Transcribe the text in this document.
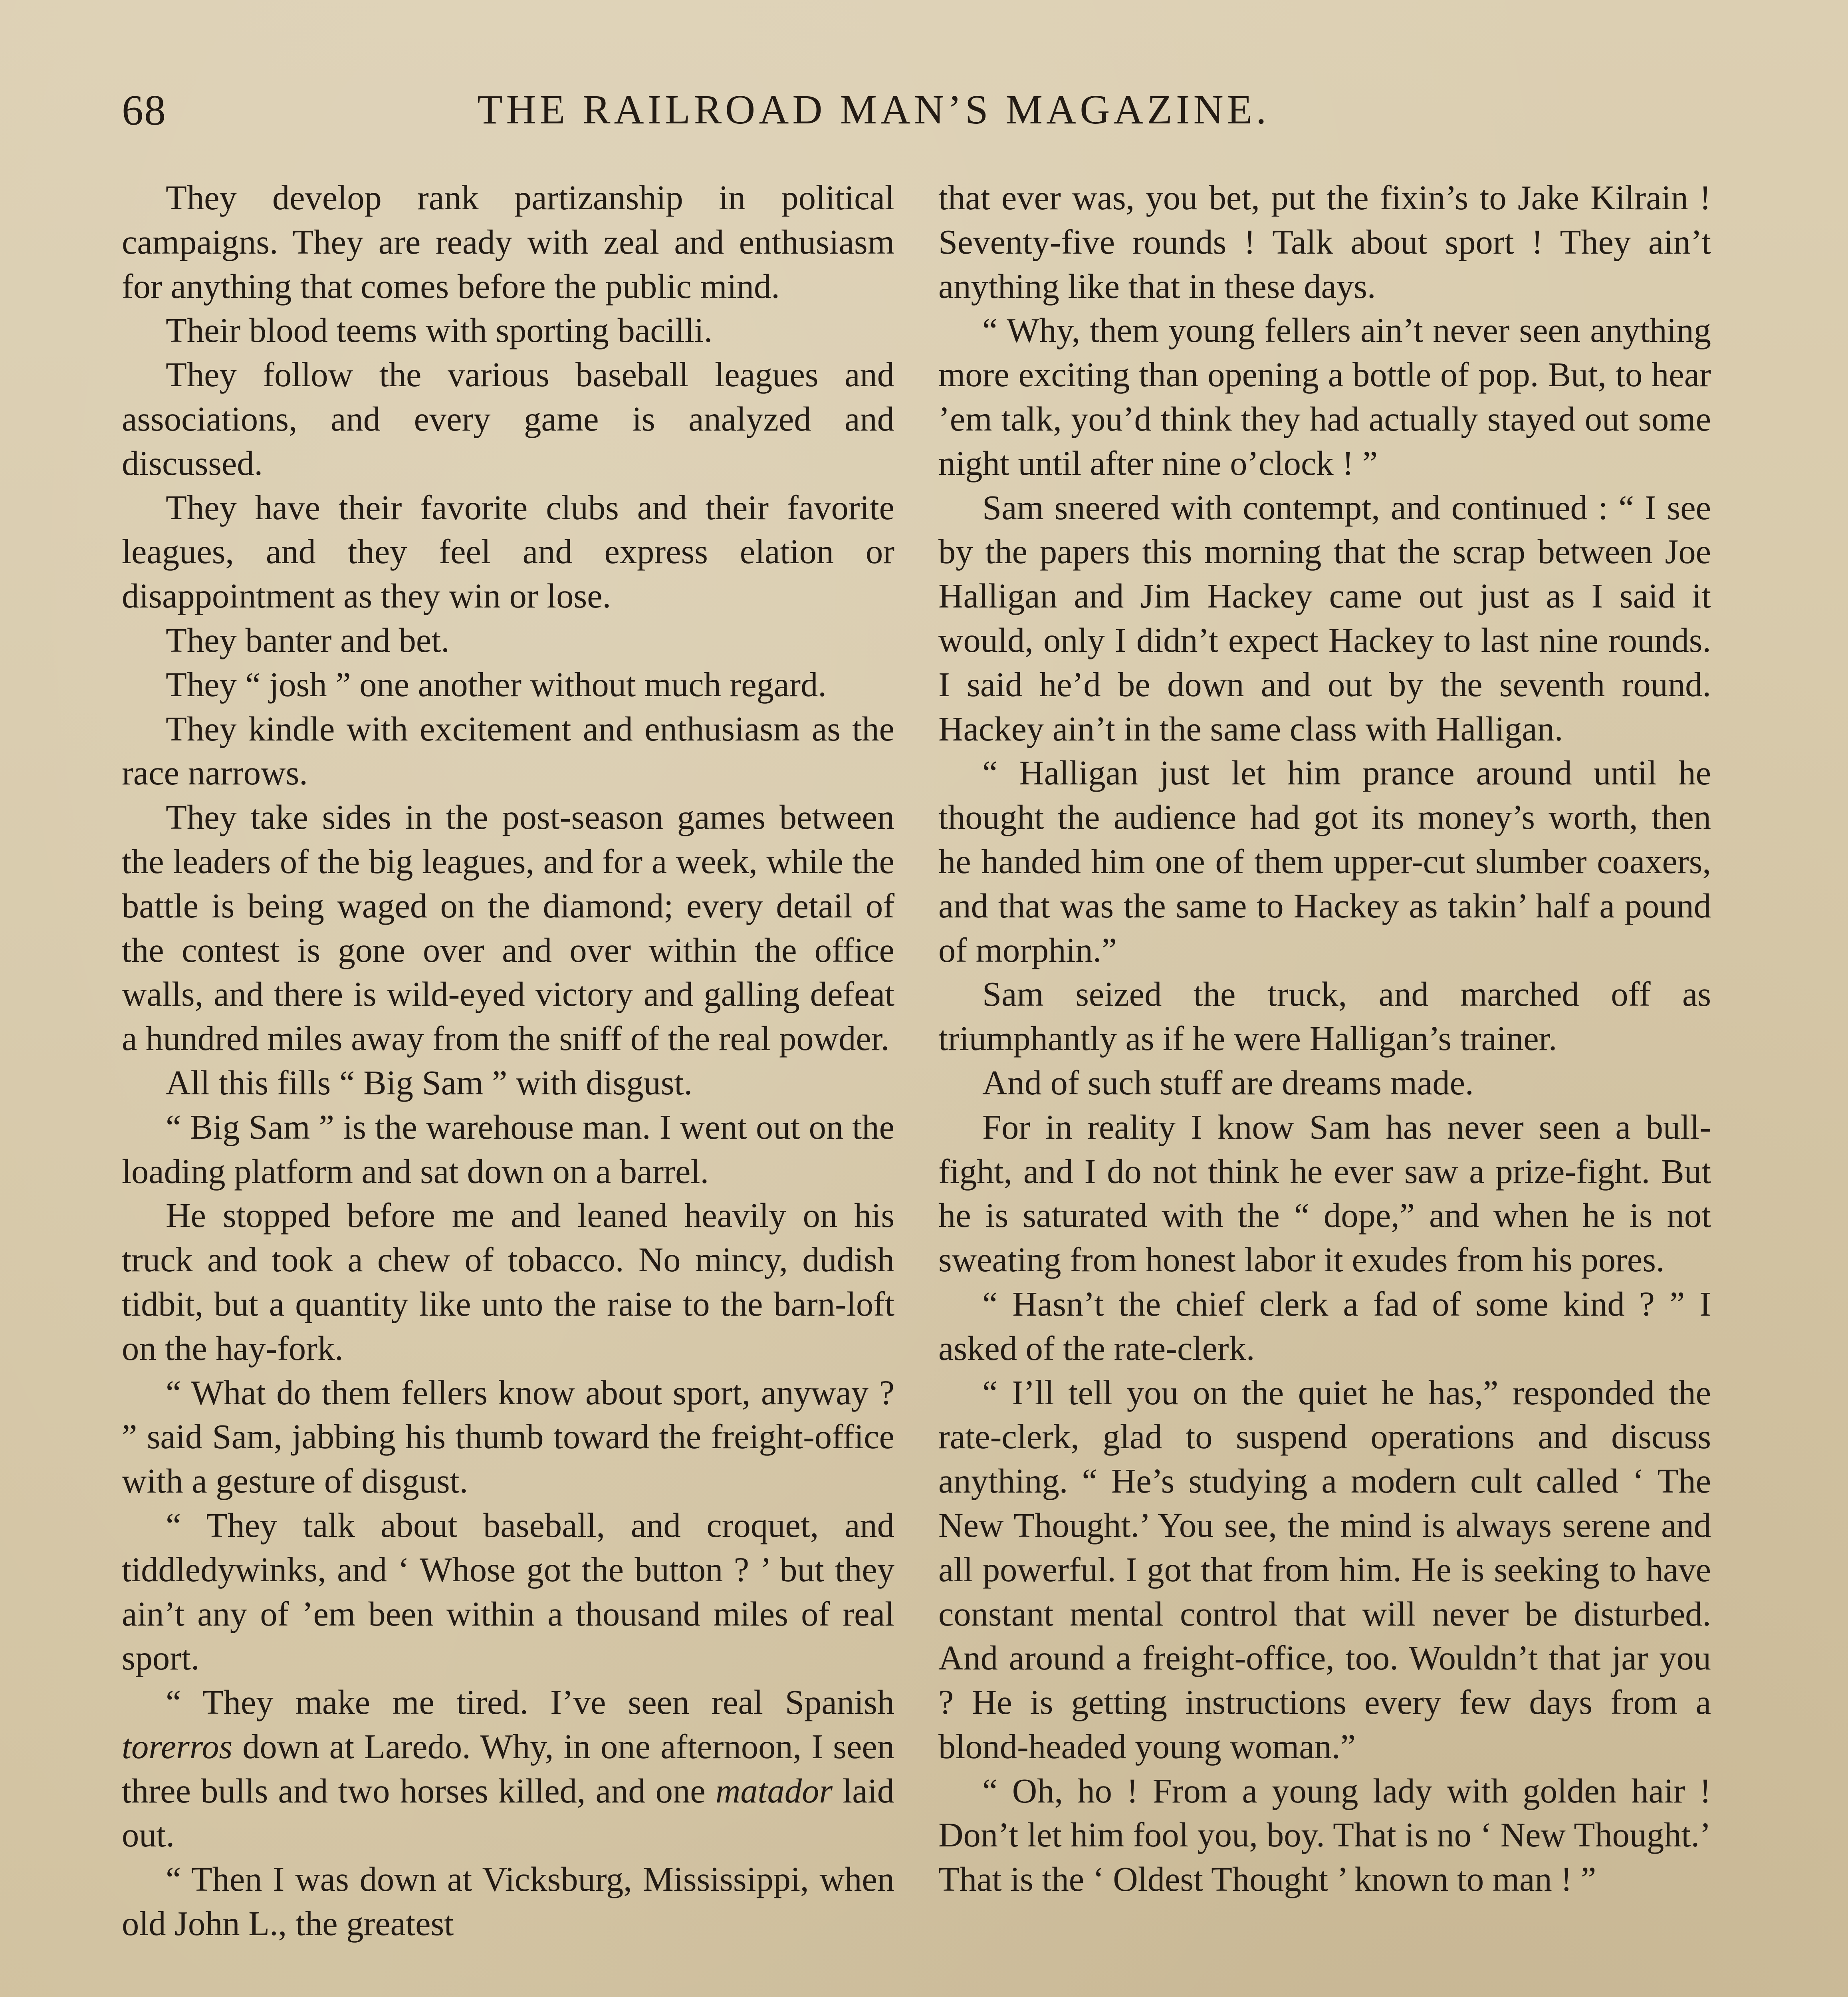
68	THE RAILROAD MAN’S MAGAZINE.

They develop rank partizanship in political campaigns. They are ready with zeal and enthusiasm for anything that comes before the public mind.

Their blood teems with sporting bacilli.

They follow the various baseball leagues and associations, and every game is analyzed and discussed.

They have their favorite clubs and their favorite leagues, and they feel and express elation or disappointment as they win or lose.

They banter and bet.

They “ josh ” one another without much regard.

They kindle with excitement and enthusiasm as the race narrows.

They take sides in the post-season games between the leaders of the big leagues, and for a week, while the battle is being waged on the diamond; every detail of the contest is gone over and over within the office walls, and there is wild-eyed victory and galling defeat a hundred miles away from the sniff of the real powder.

All this fills “ Big Sam ” with disgust.

“ Big Sam ” is the warehouse man. I went out on the loading platform and sat down on a barrel.

He stopped before me and leaned heavily on his truck and took a chew of tobacco. No mincy, dudish tidbit, but a quantity like unto the raise to the barn-loft on the hay-fork.

“ What do them fellers know about sport, anyway ? ” said Sam, jabbing his thumb toward the freight-office with a gesture of disgust.

“ They talk about baseball, and croquet, and tiddledywinks, and ‘ Whose got the button ? ’ but they ain’t any of ’em been within a thousand miles of real sport.

“ They make me tired. I’ve seen real Spanish torerros down at Laredo. Why, in one afternoon, I seen three bulls and two horses killed, and one matador laid out.

“ Then I was down at Vicksburg, Mississippi, when old John L., the greatest

that ever was, you bet, put the fixin’s to Jake Kilrain ! Seventy-five rounds ! Talk about sport ! They ain’t anything like that in these days.

“ Why, them young fellers ain’t never seen anything more exciting than opening a bottle of pop. But, to hear ’em talk, you’d think they had actually stayed out some night until after nine o’clock ! ”

Sam sneered with contempt, and continued : “ I see by the papers this morning that the scrap between Joe Halligan and Jim Hackey came out just as I said it would, only I didn’t expect Hackey to last nine rounds. I said he’d be down and out by the seventh round. Hackey ain’t in the same class with Halligan.

“ Halligan just let him prance around until he thought the audience had got its money’s worth, then he handed him one of them upper-cut slumber coaxers, and that was the same to Hackey as takin’ half a pound of morphin.”

Sam seized the truck, and marched off as triumphantly as if he were Halligan’s trainer.

And of such stuff are dreams made.

For in reality I know Sam has never seen a bull-fight, and I do not think he ever saw a prize-fight. But he is saturated with the “ dope,” and when he is not sweating from honest labor it exudes from his pores.

“ Hasn’t the chief clerk a fad of some kind ? ” I asked of the rate-clerk.

“ I’ll tell you on the quiet he has,” responded the rate-clerk, glad to suspend operations and discuss anything. “ He’s studying a modern cult called ‘ The New Thought.’ You see, the mind is always serene and all powerful. I got that from him. He is seeking to have constant mental control that will never be disturbed. And around a freight-office, too. Wouldn’t that jar you ? He is getting instructions every few days from a blond-headed young woman.”

“ Oh, ho ! From a young lady with golden hair ! Don’t let him fool you, boy. That is no ‘ New Thought.’ That is the ‘ Oldest Thought ’ known to man ! ”
